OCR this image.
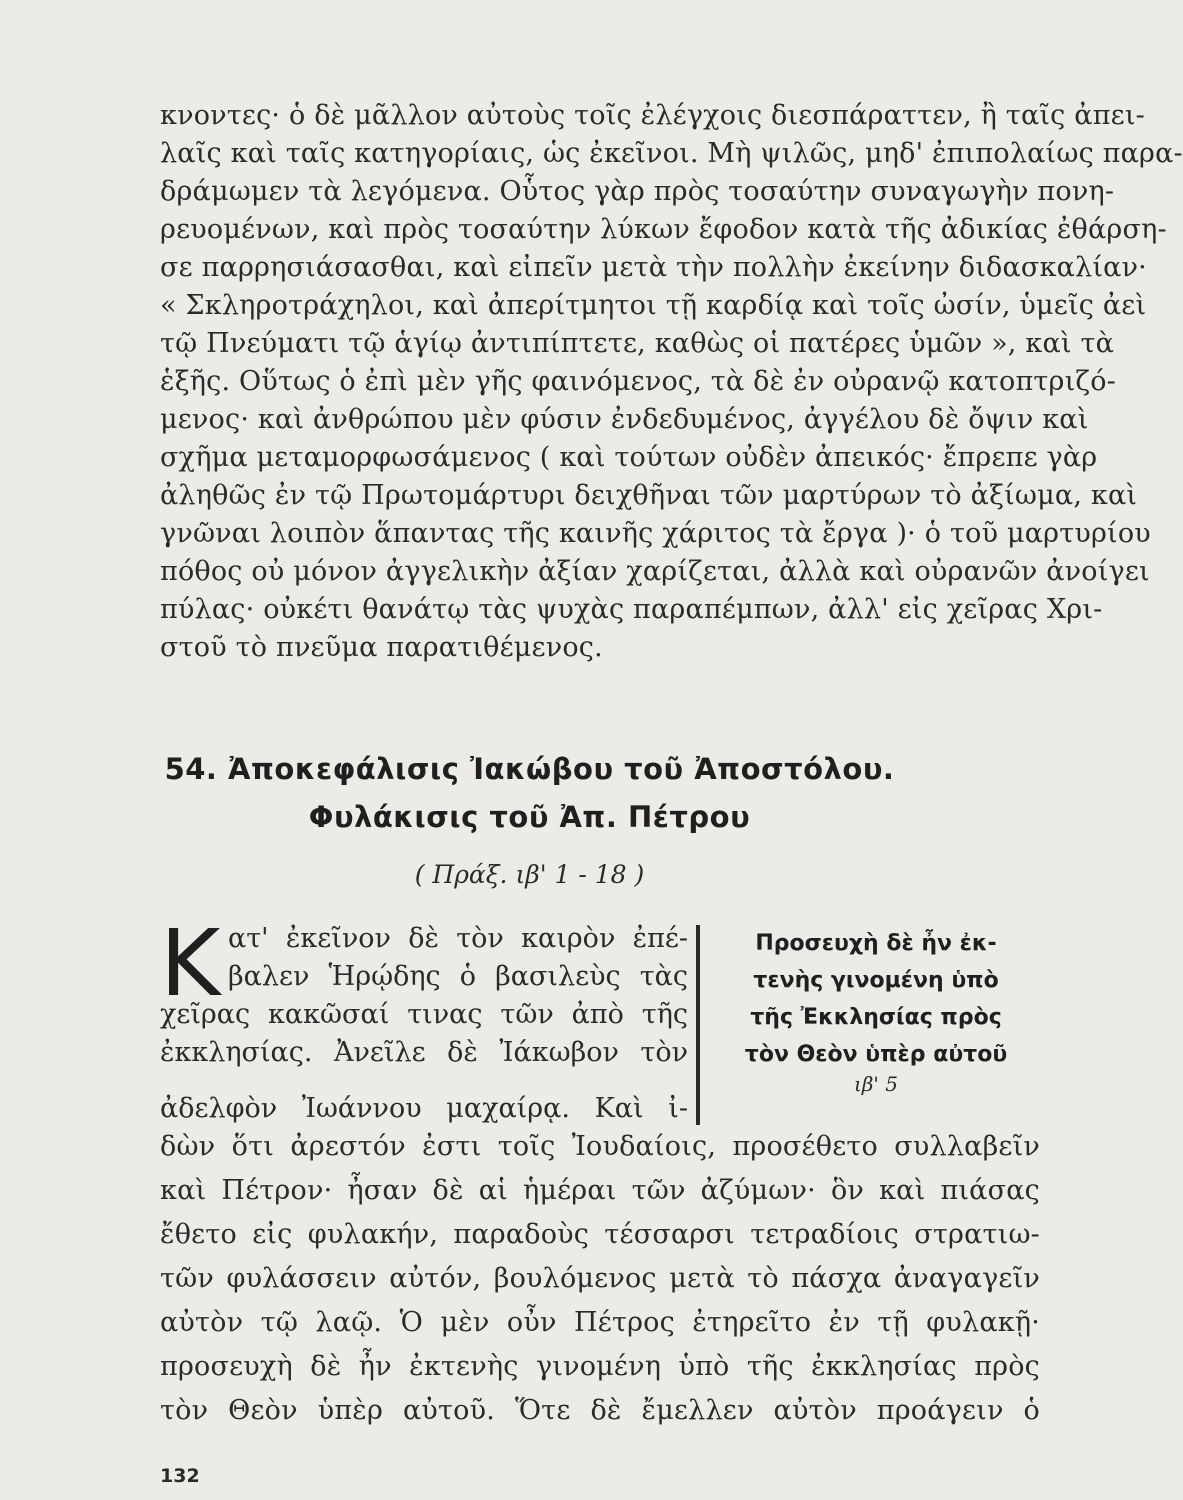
κνοντες· ὁ δὲ μᾶλλον αὐτοὺς τοῖς ἐλέγχοις διεσπάραττεν, ἢ ταῖς ἀπει-
λαῖς καὶ ταῖς κατηγορίαις, ὡς ἐκεῖνοι. Μὴ ψιλῶς, μηδ' ἐπιπολαίως παρα-
δράμωμεν τὰ λεγόμενα. Οὗτος γὰρ πρὸς τοσαύτην συναγωγὴν πονη-
ρευομένων, καὶ πρὸς τοσαύτην λύκων ἔφοδον κατὰ τῆς ἀδικίας ἐθάρση-
σε παρρησιάσασθαι, καὶ εἰπεῖν μετὰ τὴν πολλὴν ἐκείνην διδασκαλίαν·
« Σκληροτράχηλοι, καὶ ἀπερίτμητοι τῇ καρδίᾳ καὶ τοῖς ὠσίν, ὑμεῖς ἀεὶ
τῷ Πνεύματι τῷ ἁγίῳ ἀντιπίπτετε, καθὼς οἱ πατέρες ὑμῶν », καὶ τὰ
ἑξῆς. Οὕτως ὁ ἐπὶ μὲν γῆς φαινόμενος, τὰ δὲ ἐν οὐρανῷ κατοπτριζό-
μενος· καὶ ἀνθρώπου μὲν φύσιν ἐνδεδυμένος, ἀγγέλου δὲ ὄψιν καὶ
σχῆμα μεταμορφωσάμενος ( καὶ τούτων οὐδὲν ἀπεικός· ἔπρεπε γὰρ
ἀληθῶς ἐν τῷ Πρωτομάρτυρι δειχθῆναι τῶν μαρτύρων τὸ ἀξίωμα, καὶ
γνῶναι λοιπὸν ἅπαντας τῆς καινῆς χάριτος τὰ ἔργα )· ὁ τοῦ μαρτυρίου
πόθος οὐ μόνον ἀγγελικὴν ἀξίαν χαρίζεται, ἀλλὰ καὶ οὐρανῶν ἀνοίγει
πύλας· οὐκέτι θανάτῳ τὰς ψυχὰς παραπέμπων, ἀλλ' εἰς χεῖρας Χρι-
στοῦ τὸ πνεῦμα παρατιθέμενος.
54. Ἀποκεφάλισις Ἰακώβου τοῦ Ἀποστόλου.
Φυλάκισις τοῦ Ἀπ. Πέτρου
( Πράξ. ιβ' 1 - 18 )
Κ ατ' ἐκεῖνον δὲ τὸν καιρὸν ἐπέ-
βαλεν Ἡρῴδης ὁ βασιλεὺς τὰς
χεῖρας κακῶσαί τινας τῶν ἀπὸ τῆς
ἐκκλησίας. Ἀνεῖλε δὲ Ἰάκωβον τὸν
ἀδελφὸν Ἰωάννου μαχαίρᾳ. Καὶ ἰ-
Προσευχὴ δὲ ἦν ἐκ-
τενὴς γινομένη ὑπὸ
τῆς Ἐκκλησίας πρὸς
τὸν Θεὸν ὑπὲρ αὐτοῦ
ιβ' 5
δὼν ὅτι ἀρεστόν ἐστι τοῖς Ἰουδαίοις, προσέθετο συλλαβεῖν
καὶ Πέτρον· ἦσαν δὲ αἱ ἡμέραι τῶν ἀζύμων· ὃν καὶ πιάσας
ἔθετο εἰς φυλακήν, παραδοὺς τέσσαρσι τετραδίοις στρατιω-
τῶν φυλάσσειν αὐτόν, βουλόμενος μετὰ τὸ πάσχα ἀναγαγεῖν
αὐτὸν τῷ λαῷ. Ὁ μὲν οὖν Πέτρος ἐτηρεῖτο ἐν τῇ φυλακῇ·
προσευχὴ δὲ ἦν ἐκτενὴς γινομένη ὑπὸ τῆς ἐκκλησίας πρὸς
τὸν Θεὸν ὑπὲρ αὐτοῦ. Ὅτε δὲ ἔμελλεν αὐτὸν προάγειν ὁ
132
